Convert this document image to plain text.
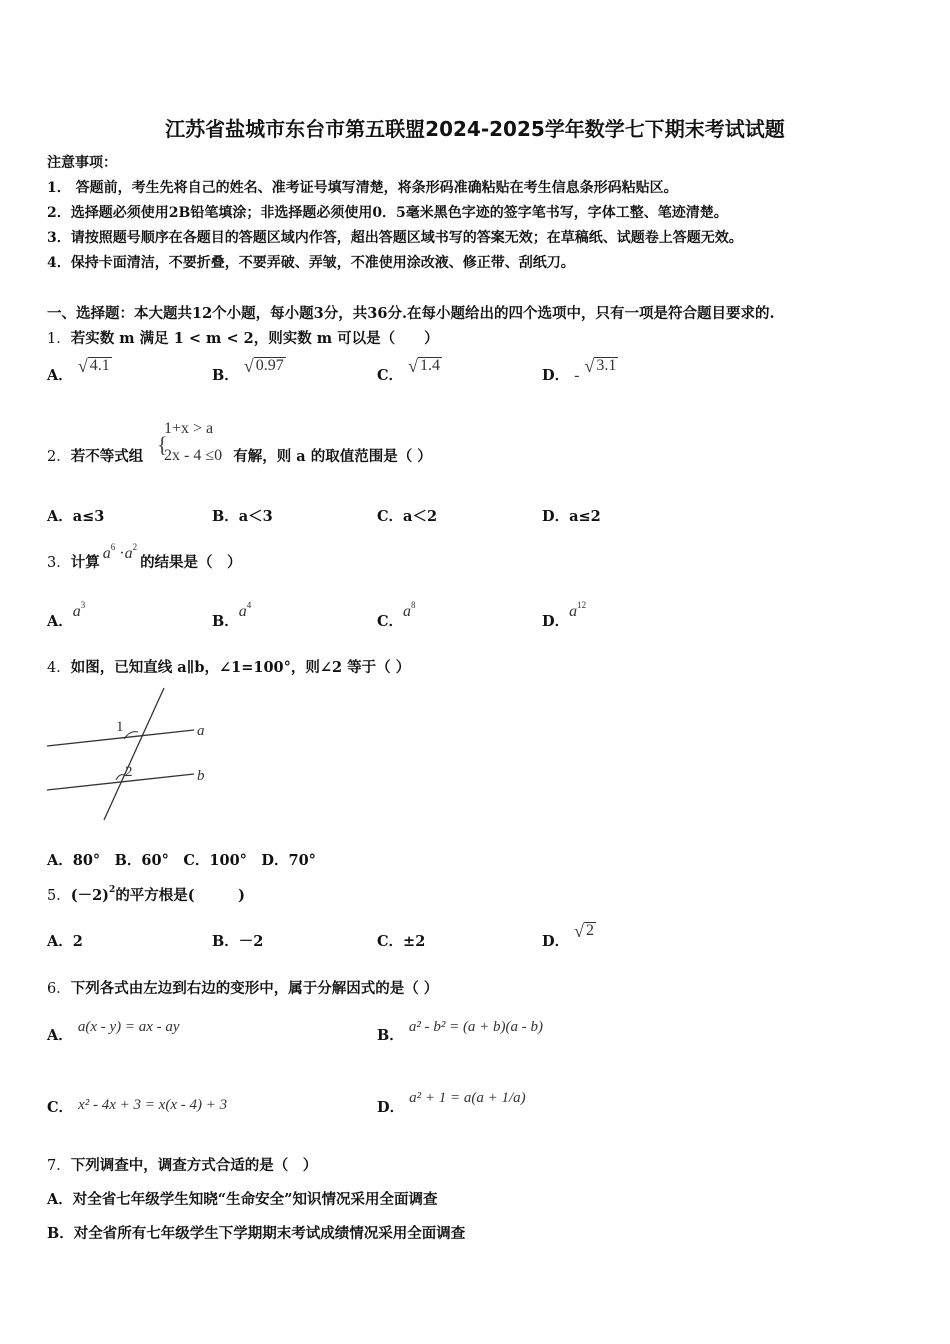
江苏省盐城市东台市第五联盟2024-2025学年数学七下期末考试试题
注意事项：
1． 答题前，考生先将自己的姓名、准考证号填写清楚，将条形码准确粘贴在考生信息条形码粘贴区。
2．选择题必须使用2B铅笔填涂；非选择题必须使用0．5毫米黑色字迹的签字笔书写，字体工整、笔迹清楚。
3．请按照题号顺序在各题目的答题区域内作答，超出答题区域书写的答案无效；在草稿纸、试题卷上答题无效。
4．保持卡面清洁，不要折叠，不要弄破、弄皱，不准使用涂改液、修正带、刮纸刀。
一、选择题：本大题共12个小题，每小题3分，共36分.在每小题给出的四个选项中，只有一项是符合题目要求的.
1．若实数 m 满足 1 < m < 2，则实数 m 可以是（　　）
A． √ 4.1
B． √ 0.97
C． √ 1.4
D． - √ 3.1
2．若不等式组	有解，则 a 的取值范围是（ ）
{
1+x > a
2x - 4 ≤0
A．a≤3	B．a＜3	C．a＜2	D．a≤2
3．计算$a^6 \cdot a^2$的结果是（　）
A．$a^3$
B．$a^4$
C．$a^8$
D．$a^{12}$
4．如图，已知直线 a∥b，∠1=100°，则∠2 等于（ ）
1
2
a
b
A．80°　B．60°　C．100°　D．70°
5．$(-2)^2$的平方根是(　　　)
A．2	B．－2	C．±2	D．
√ 2
6．下列各式由左边到右边的变形中，属于分解因式的是（ ）
A． a(x - y) = ax - ay	B． a² - b² = (a + b)(a - b)
C． x² - 4x + 3 = x(x - 4) + 3	D． a² + 1 = a(a + 1/a)
7．下列调查中，调查方式合适的是（　）
A．对全省七年级学生知晓“生命安全”知识情况采用全面调查
B．对全省所有七年级学生下学期期末考试成绩情况采用全面调查
